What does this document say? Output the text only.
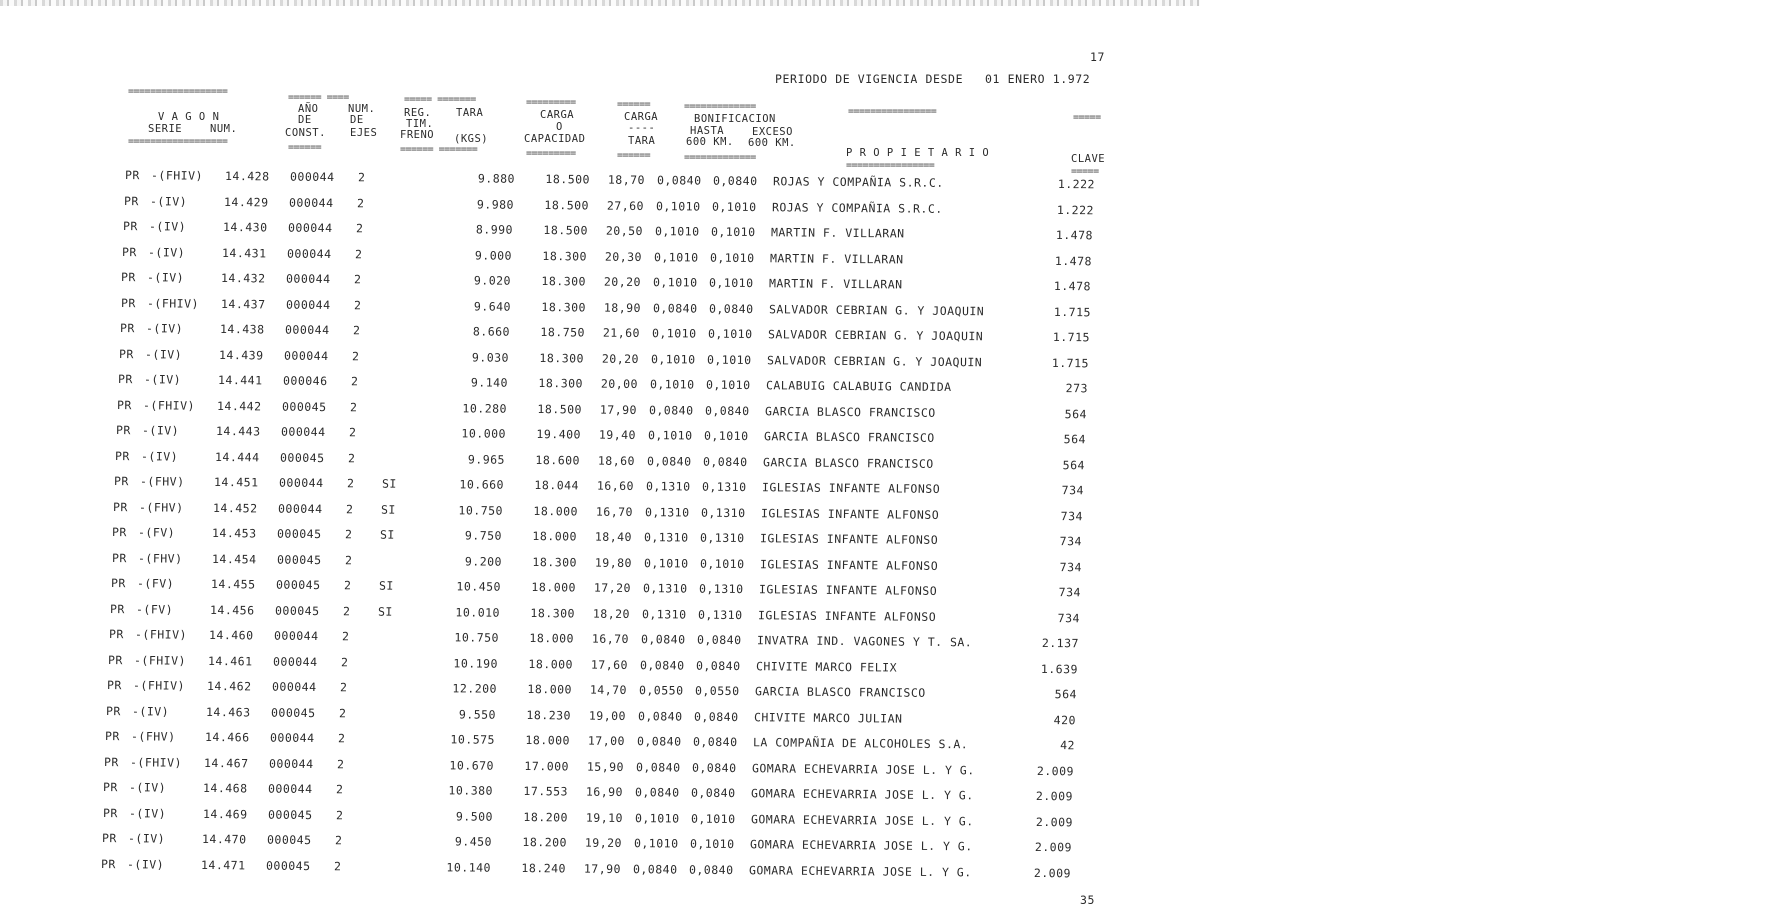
17
PERIODO DE VIGENCIA DESDE 01 ENERO 1.972
==================
====== ====	===== =======	=========	======	=============	================
=====
V A G O N
SERIE	NUM.
==================
AÑO
DE
CONST.
NUM.
DE
EJES
======
REG.
TIM.
FRENO
====== =======
TARA
(KGS)
CARGA
O
CAPACIDAD
=========
CARGA
----
TARA
======
BONIFICACION
HASTA
600 KM.
EXCESO
600 KM.
=============	P R O P I E T A R I O
================
CLAVE
=====
PR -(FHIV) 14.428 000044 2	9.880	18.500	18,70 0,0840 0,0840 ROJAS Y COMPAÑIA S.R.C.	1.222
PR -(IV)	14.429 000044 2	9.980	18.500	27,60 0,1010 0,1010 ROJAS Y COMPAÑIA S.R.C.	1.222
PR -(IV)	14.430 000044 2	8.990	18.500	20,50 0,1010 0,1010 MARTIN F. VILLARAN	1.478
PR -(IV)	14.431 000044 2	9.000	18.300	20,30 0,1010 0,1010 MARTIN F. VILLARAN	1.478
PR -(IV)	14.432 000044 2	9.020	18.300	20,20 0,1010 0,1010 MARTIN F. VILLARAN	1.478
PR -(FHIV) 14.437 000044 2	9.640	18.300	18,90 0,0840 0,0840 SALVADOR CEBRIAN G. Y JOAQUIN	1.715
PR -(IV)	14.438 000044 2	8.660	18.750	21,60 0,1010 0,1010 SALVADOR CEBRIAN G. Y JOAQUIN	1.715
PR -(IV)	14.439 000044 2	9.030	18.300	20,20 0,1010 0,1010 SALVADOR CEBRIAN G. Y JOAQUIN	1.715
PR -(IV)	14.441 000046 2	9.140	18.300	20,00 0,1010 0,1010 CALABUIG CALABUIG CANDIDA	273
PR -(FHIV) 14.442 000045 2	10.280	18.500	17,90 0,0840 0,0840 GARCIA BLASCO FRANCISCO	564
PR -(IV)	14.443 000044 2	10.000	19.400	19,40 0,1010 0,1010 GARCIA BLASCO FRANCISCO	564
PR -(IV)	14.444 000045 2	9.965	18.600	18,60 0,0840 0,0840 GARCIA BLASCO FRANCISCO	564
PR -(FHV)	14.451 000044 2 SI	10.660	18.044	16,60 0,1310 0,1310 IGLESIAS INFANTE ALFONSO	734
PR -(FHV)	14.452 000044 2 SI	10.750	18.000	16,70 0,1310 0,1310 IGLESIAS INFANTE ALFONSO	734
PR -(FV)	14.453 000045 2 SI	9.750	18.000	18,40 0,1310 0,1310 IGLESIAS INFANTE ALFONSO	734
PR -(FHV)	14.454 000045 2	9.200	18.300	19,80 0,1010 0,1010 IGLESIAS INFANTE ALFONSO	734
PR -(FV)	14.455 000045 2 SI	10.450	18.000	17,20 0,1310 0,1310 IGLESIAS INFANTE ALFONSO	734
PR -(FV)	14.456 000045 2 SI	10.010	18.300	18,20 0,1310 0,1310 IGLESIAS INFANTE ALFONSO	734
PR -(FHIV) 14.460 000044 2	10.750	18.000	16,70 0,0840 0,0840 INVATRA IND. VAGONES Y T. SA.	2.137
PR -(FHIV) 14.461 000044 2	10.190	18.000	17,60 0,0840 0,0840 CHIVITE MARCO FELIX	1.639
PR -(FHIV) 14.462 000044 2	12.200	18.000	14,70 0,0550 0,0550 GARCIA BLASCO FRANCISCO	564
PR -(IV)	14.463 000045 2	9.550	18.230	19,00 0,0840 0,0840 CHIVITE MARCO JULIAN	420
PR -(FHV)	14.466 000044 2	10.575	18.000	17,00 0,0840 0,0840 LA COMPAÑIA DE ALCOHOLES S.A.	42
PR -(FHIV) 14.467 000044 2	10.670	17.000	15,90 0,0840 0,0840 GOMARA ECHEVARRIA JOSE L. Y G.	2.009
PR -(IV)	14.468 000044 2	10.380	17.553	16,90 0,0840 0,0840 GOMARA ECHEVARRIA JOSE L. Y G.	2.009
PR -(IV)	14.469 000045 2	9.500	18.200	19,10 0,1010 0,1010 GOMARA ECHEVARRIA JOSE L. Y G.	2.009
PR -(IV)	14.470 000045 2	9.450	18.200	19,20 0,1010 0,1010 GOMARA ECHEVARRIA JOSE L. Y G.	2.009
PR -(IV)	14.471 000045 2	10.140	18.240	17,90 0,0840 0,0840 GOMARA ECHEVARRIA JOSE L. Y G.	2.009
35
